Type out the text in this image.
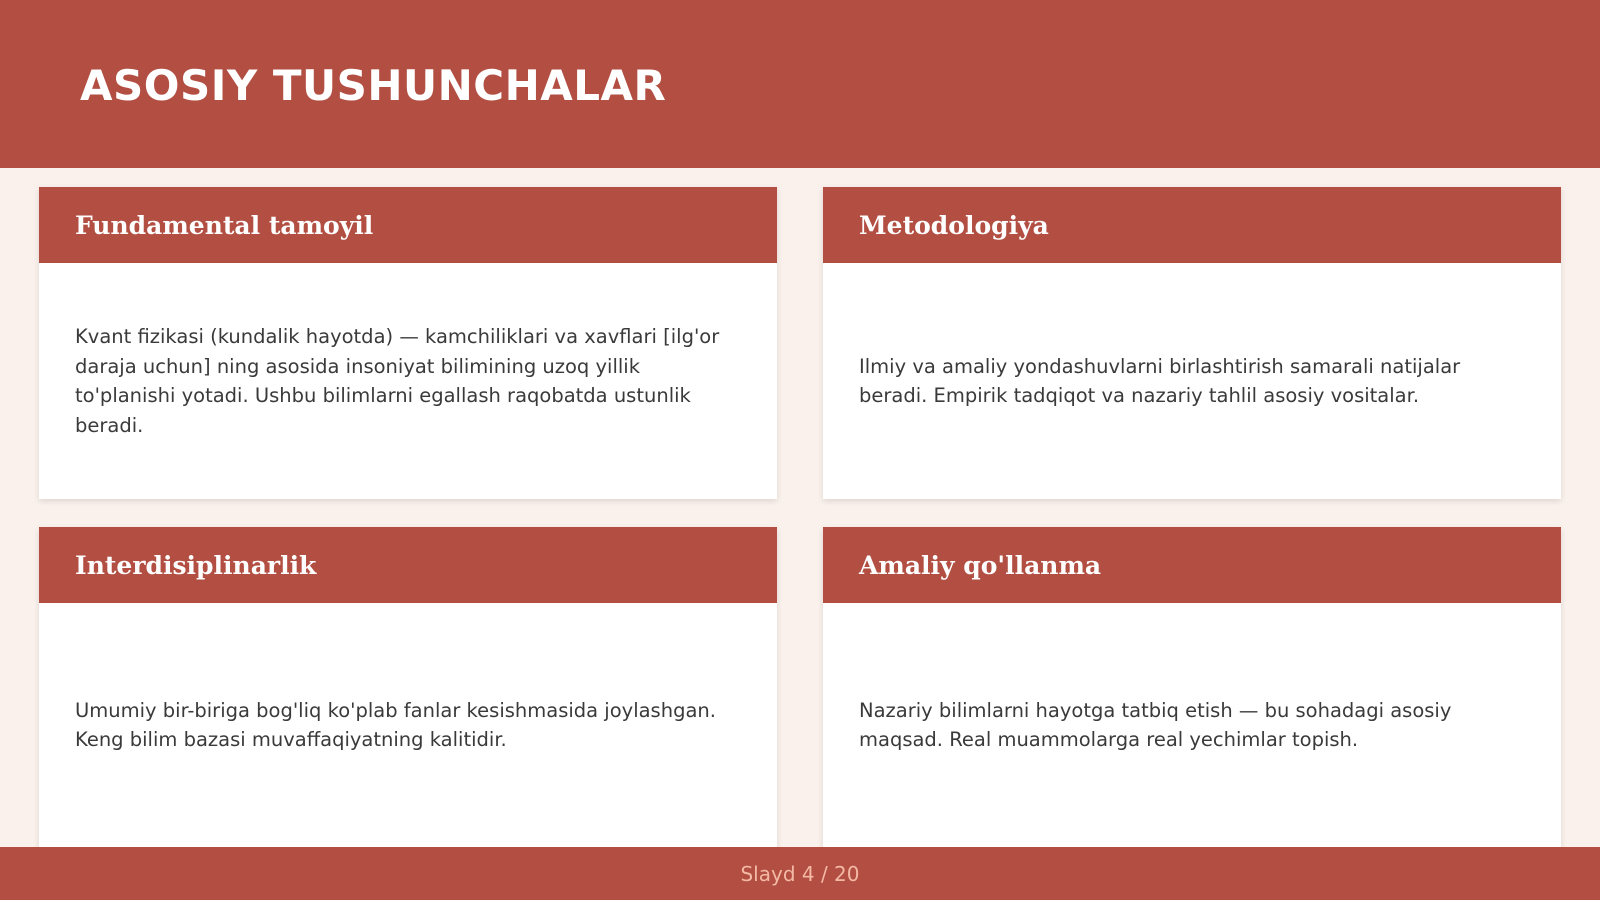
ASOSIY TUSHUNCHALAR
Fundamental tamoyil

Kvant fizikasi (kundalik hayotda) — kamchiliklari va xavflari [ilg'or daraja uchun] ning asosida insoniyat bilimining uzoq yillik to'planishi yotadi. Ushbu bilimlarni egallash raqobatda ustunlik beradi.

Metodologiya

Ilmiy va amaliy yondashuvlarni birlashtirish samarali natijalar beradi. Empirik tadqiqot va nazariy tahlil asosiy vositalar.

Interdisiplinarlik

Umumiy bir-biriga bog'liq ko'plab fanlar kesishmasida joylashgan. Keng bilim bazasi muvaffaqiyatning kalitidir.

Amaliy qo'llanma

Nazariy bilimlarni hayotga tatbiq etish — bu sohadagi asosiy maqsad. Real muammolarga real yechimlar topish.

Slayd 4 / 20
